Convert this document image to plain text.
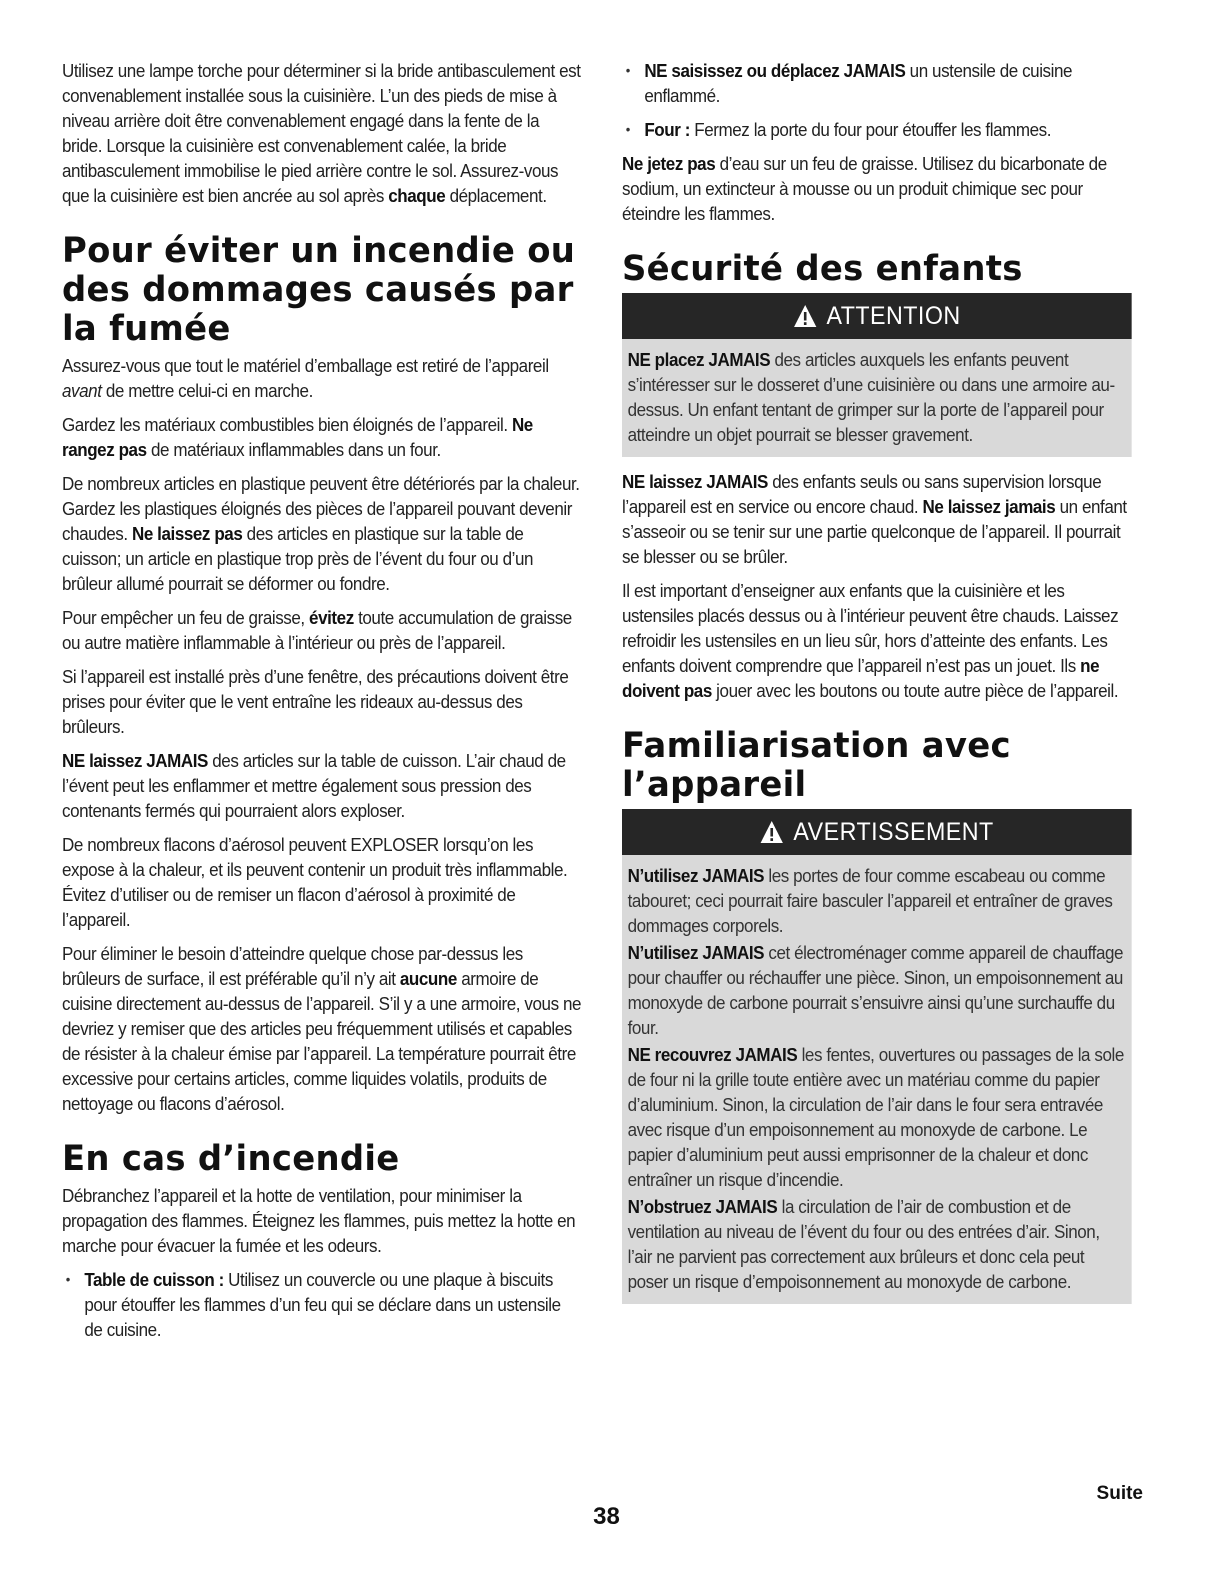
Utilisez une lampe torche pour déterminer si la bride antibasculement est convenablement installée sous la cuisinière. L’un des pieds de mise à niveau arrière doit être convenablement engagé dans la fente de la bride. Lorsque la cuisinière est convenablement calée, la bride antibasculement immobilise le pied arrière contre le sol. Assurez-vous que la cuisinière est bien ancrée au sol après chaque déplacement.

Pour éviter un incendie ou des dommages causés par la fumée

Assurez-vous que tout le matériel d’emballage est retiré de l’appareil avant de mettre celui-ci en marche.

Gardez les matériaux combustibles bien éloignés de l’appareil. Ne rangez pas de matériaux inflammables dans un four.

De nombreux articles en plastique peuvent être détériorés par la chaleur. Gardez les plastiques éloignés des pièces de l’appareil pouvant devenir chaudes. Ne laissez pas des articles en plastique sur la table de cuisson; un article en plastique trop près de l’évent du four ou d’un brûleur allumé pourrait se déformer ou fondre.

Pour empêcher un feu de graisse, évitez toute accumulation de graisse ou autre matière inflammable à l’intérieur ou près de l’appareil.

Si l’appareil est installé près d’une fenêtre, des précautions doivent être prises pour éviter que le vent entraîne les rideaux au-dessus des brûleurs.

NE laissez JAMAIS des articles sur la table de cuisson. L’air chaud de l’évent peut les enflammer et mettre également sous pression des contenants fermés qui pourraient alors exploser.

De nombreux flacons d’aérosol peuvent EXPLOSER lorsqu’on les expose à la chaleur, et ils peuvent contenir un produit très inflammable. Évitez d’utiliser ou de remiser un flacon d’aérosol à proximité de l’appareil.

Pour éliminer le besoin d’atteindre quelque chose par-dessus les brûleurs de surface, il est préférable qu’il n’y ait aucune armoire de cuisine directement au-dessus de l’appareil. S’il y a une armoire, vous ne devriez y remiser que des articles peu fréquemment utilisés et capables de résister à la chaleur émise par l’appareil. La température pourrait être excessive pour certains articles, comme liquides volatils, produits de nettoyage ou flacons d’aérosol.

En cas d’incendie

Débranchez l’appareil et la hotte de ventilation, pour minimiser la propagation des flammes. Éteignez les flammes, puis mettez la hotte en marche pour évacuer la fumée et les odeurs.

• Table de cuisson : Utilisez un couvercle ou une plaque à biscuits pour étouffer les flammes d’un feu qui se déclare dans un ustensile de cuisine.
• NE saisissez ou déplacez JAMAIS un ustensile de cuisine enflammé.
• Four : Fermez la porte du four pour étouffer les flammes.

Ne jetez pas d’eau sur un feu de graisse. Utilisez du bicarbonate de sodium, un extincteur à mousse ou un produit chimique sec pour éteindre les flammes.

Sécurité des enfants
ATTENTION

NE placez JAMAIS des articles auxquels les enfants peuvent s’intéresser sur le dosseret d’une cuisinière ou dans une armoire au-dessus. Un enfant tentant de grimper sur la porte de l’appareil pour atteindre un objet pourrait se blesser gravement.

NE laissez JAMAIS des enfants seuls ou sans supervision lorsque l’appareil est en service ou encore chaud. Ne laissez jamais un enfant s’asseoir ou se tenir sur une partie quelconque de l’appareil. Il pourrait se blesser ou se brûler.

Il est important d’enseigner aux enfants que la cuisinière et les ustensiles placés dessus ou à l’intérieur peuvent être chauds. Laissez refroidir les ustensiles en un lieu sûr, hors d’atteinte des enfants. Les enfants doivent comprendre que l’appareil n’est pas un jouet. Ils ne doivent pas jouer avec les boutons ou toute autre pièce de l’appareil.

Familiarisation avec l’appareil
AVERTISSEMENT

N’utilisez JAMAIS les portes de four comme escabeau ou comme tabouret; ceci pourrait faire basculer l’appareil et entraîner de graves dommages corporels.

N’utilisez JAMAIS cet électroménager comme appareil de chauffage pour chauffer ou réchauffer une pièce. Sinon, un empoisonnement au monoxyde de carbone pourrait s’ensuivre ainsi qu’une surchauffe du four.

NE recouvrez JAMAIS les fentes, ouvertures ou passages de la sole de four ni la grille toute entière avec un matériau comme du papier d’aluminium. Sinon, la circulation de l’air dans le four sera entravée avec risque d’un empoisonnement au monoxyde de carbone. Le papier d’aluminium peut aussi emprisonner de la chaleur et donc entraîner un risque d’incendie.

N’obstruez JAMAIS la circulation de l’air de combustion et de ventilation au niveau de l’évent du four ou des entrées d’air. Sinon, l’air ne parvient pas correctement aux brûleurs et donc cela peut poser un risque d’empoisonnement au monoxyde de carbone.

Suite
38
